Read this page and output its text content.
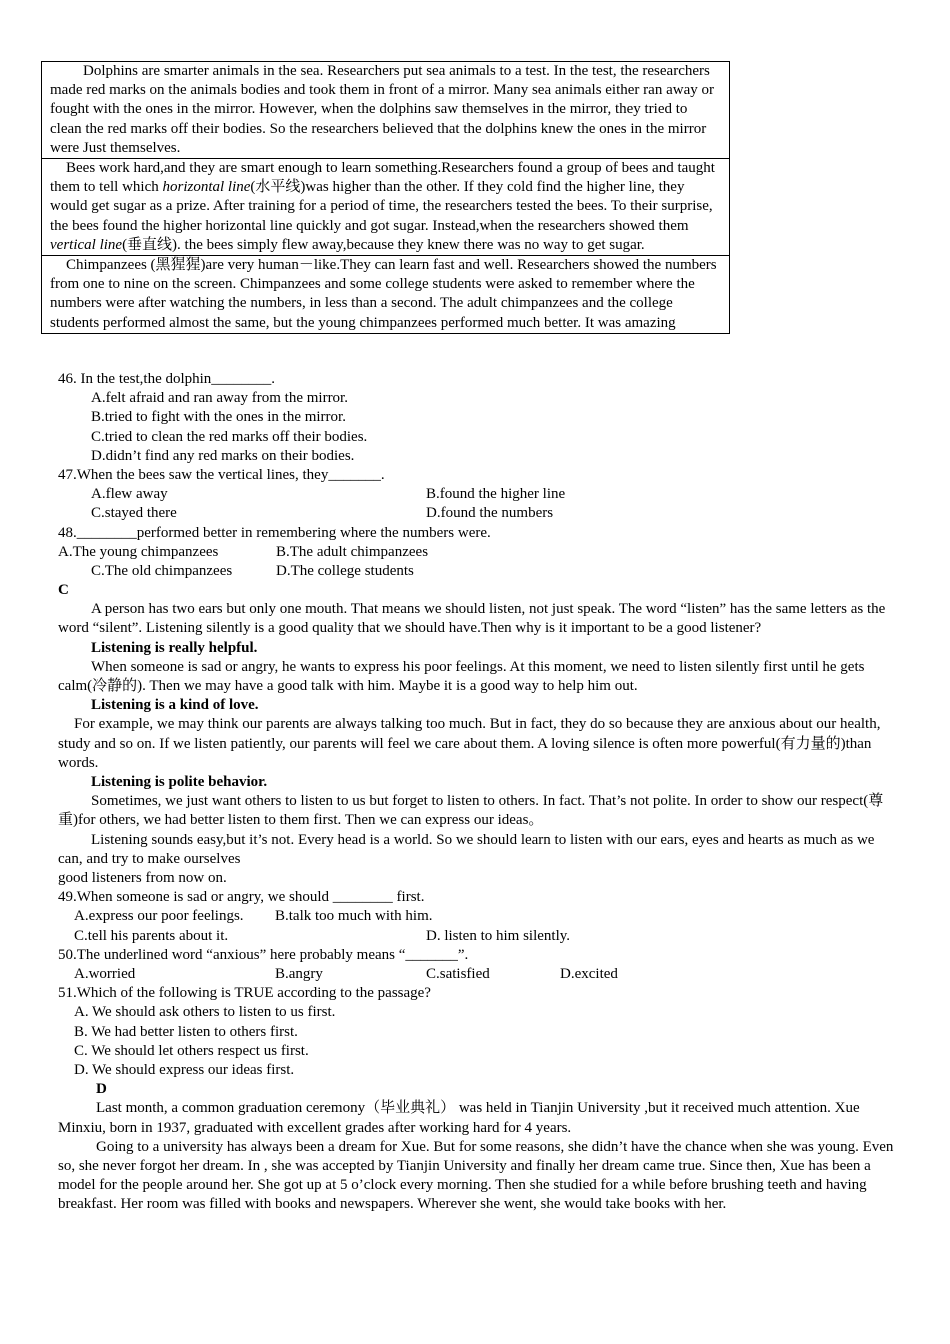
Dolphins are smarter animals in the sea. Researchers put sea animals to a test. In the test, the researchers made red marks on the animals bodies and took them in front of a mirror. Many sea animals either ran away or fought with the ones in the mirror. However, when the dolphins saw themselves in the mirror, they tried to clean the red marks off their bodies. So the researchers believed that the dolphins knew the ones in the mirror were Just themselves.
Bees work hard,and they are smart enough to learn something.Researchers found a group of bees and taught them to tell which horizontal line(水平线)was higher than the other. If they cold find the higher line, they would get sugar as a prize. After training for a period of time, the researchers tested the bees. To their surprise, the bees found the higher horizontal line quickly and got sugar. Instead,when the researchers showed them vertical line(垂直线). the bees simply flew away,because they knew there was no way to get sugar.
Chimpanzees (黑猩猩)are very human－like.They can learn fast and well. Researchers showed the numbers from one to nine on the screen. Chimpanzees and some college students were asked to remember where the numbers were after watching the numbers, in less than a second. The adult chimpanzees and the college students performed almost the same, but the young chimpanzees performed much better. It was amazing
46. In the test,the dolphin________.
A.felt afraid and ran away from the mirror.
B.tried to fight with the ones in the mirror.
C.tried to clean the red marks off their bodies.
D.didn’t find any red marks on their bodies.
47.When the bees saw the vertical lines, they_______.
A.flew away	B.found the higher line
C.stayed there	D.found the numbers
48.________performed better in remembering where the numbers were.
A.The young chimpanzees	B.The adult chimpanzees
C.The old chimpanzees	D.The college students
C
A person has two ears but only one mouth. That means we should listen, not just speak. The word “listen” has the same letters as the word “silent”. Listening silently is a good quality that we should have.Then why is it important to be a good listener?
Listening is really helpful.
When someone is sad or angry, he wants to express his poor feelings. At this moment, we need to listen silently first until he gets calm(冷静的). Then we may have a good talk with him. Maybe it is a good way to help him out.
Listening is a kind of love.
For example, we may think our parents are always talking too much. But in fact, they do so because they are anxious about our health, study and so on. If we listen patiently, our parents will feel we care about them. A loving silence is often more powerful(有力量的)than words.
Listening is polite behavior.
Sometimes, we just want others to listen to us but forget to listen to others. In fact. That’s not polite. In order to show our respect(尊重)for others, we had better listen to them first. Then we can express our ideas。
Listening sounds easy,but it’s not. Every head is a world. So we should learn to listen with our ears, eyes and hearts as much as we can, and try to make ourselves
good listeners from now on.
49.When someone is sad or angry, we should ________ first.
A.express our poor feelings.	B.talk too much with him.
C.tell his parents about it.	D. listen to him silently.
50.The underlined word “anxious” here probably means “_______”.
A.worried	B.angry	C.satisfied	D.excited
51.Which of the following is TRUE according to the passage?
A. We should ask others to listen to us first.
B. We had better listen to others first.
C. We should let others respect us first.
D. We should express our ideas first.
D
Last month, a common graduation ceremony（毕业典礼） was held in Tianjin University ,but it received much attention. Xue Minxiu, born in 1937, graduated with excellent grades after working hard for 4 years.
Going to a university has always been a dream for Xue. But for some reasons, she didn’t have the chance when she was young. Even so, she never forgot her dream. In , she was accepted by Tianjin University and finally her dream came true. Since then, Xue has been a model for the people around her. She got up at 5 o’clock every morning. Then she studied for a while before brushing teeth and having breakfast. Her room was filled with books and newspapers. Wherever she went, she would take books with her.
